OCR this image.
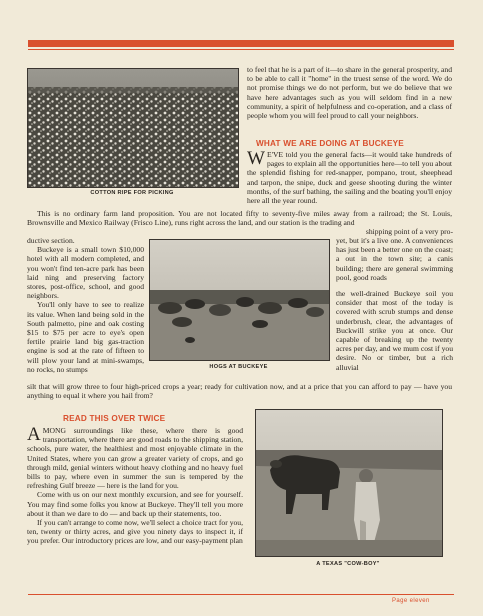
COTTON RIPE FOR PICKING

to feel that he is a part of it—to share in the general prosperity, and to be able to call it "home" in the truest sense of the word. We do not promise things we do not perform, but we do believe that we have here advantages such as you will seldom find in a new community, a spirit of helpfulness and co-operation, and a class of people whom you will feel proud to call your neighbors.

WHAT WE ARE DOING AT BUCKEYE
W E'VE told you the general facts—it would take hundreds of pages to explain all the opportunities here—to tell you about the splendid fishing for red-snapper, pompano, trout, sheephead and tarpon, the snipe, duck and geese shooting during the winter months, of the surf bathing, the sailing and the boating you'll enjoy here all the year round.

This is no ordinary farm land proposition. You are not located fifty to seventy-five miles away from a railroad; the St. Louis, Brownsville and Mexico Railway (Frisco Line), runs right across the land, and our station is the trading and

shipping point of a very pro-

ductive section.

Buckeye is a small town $10,000 hotel with all modern completed, and you won't find ten-acre park has been laid ning and preserving factory stores, post-office, school, and good neighbors.

You'll only have to see to realize its value. When land being sold in the South palmetto, pine and oak costing $15 to $75 per acre to eye's open fertile prairie land big gas-traction engine is sod at the rate of fifteen to will plow your land at mini-swamps, no rocks, no stumps	HOGS AT BUCKEYE

yet, but it's a live one. A conveniences has just been a better one on the coast; a out in the town site; a canis building; there are general swimming pool, good roads

the well-drained Buckeye soil you consider that most of the today is covered with scrub stumps and dense underbrush, clear, the advantages of Buckwill strike you at once. Our capable of breaking up the twenty acres per day, and we mum cost if you desire. No or timber, but a rich alluvial

silt that will grow three to four high-priced crops a year; ready for cultivation now, and at a price that you can afford to pay — have you anything to equal it where you hail from?

READ THIS OVER TWICE

AMONG surroundings like these, where there is good transportation, where there are good roads to the shipping station, schools, pure water, the healthiest and most enjoyable climate in the United States, where you can grow a greater variety of crops, and go through mild, genial winters without heavy clothing and no heavy fuel bills to pay, where even in summer the sun is tempered by the refreshing Gulf breeze — here is the land for you.

Come with us on our next monthly excursion, and see for yourself. You may find some folks you know at Buckeye. They'll tell you more about it than we dare to do — and back up their statements, too.

If you can't arrange to come now, we'll select a choice tract for you, ten, twenty or thirty acres, and give you ninety days to inspect it, if you prefer. Our introductory prices are low, and our easy-payment plan

A TEXAS "COW-BOY"
Page eleven
